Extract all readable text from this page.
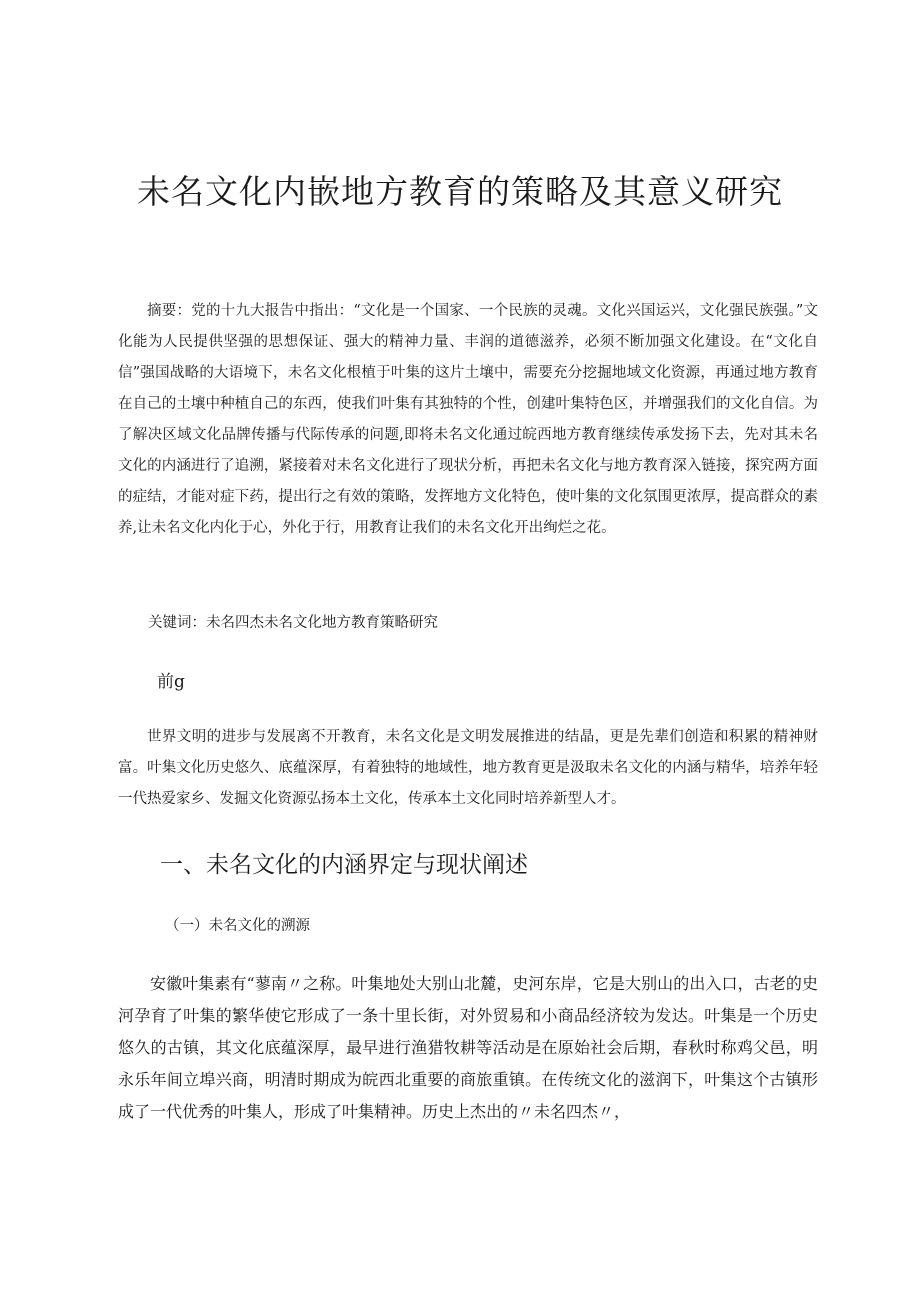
未名文化内嵌地方教育的策略及其意义研究

摘要：党的十九大报告中指出：“文化是一个国家、一个民族的灵魂。文化兴国运兴，文化强民族强。”文化能为人民提供坚强的思想保证、强大的精神力量、丰润的道德滋养，必须不断加强文化建设。在“文化自信”强国战略的大语境下，未名文化根植于叶集的这片土壤中，需要充分挖掘地域文化资源，再通过地方教育在自己的土壤中种植自己的东西，使我们叶集有其独特的个性，创建叶集特色区，并增强我们的文化自信。为了解决区域文化品牌传播与代际传承的问题,即将未名文化通过皖西地方教育继续传承发扬下去，先对其未名文化的内涵进行了追溯，紧接着对未名文化进行了现状分析，再把未名文化与地方教育深入链接，探究两方面的症结，才能对症下药，提出行之有效的策略，发挥地方文化特色，使叶集的文化氛围更浓厚，提高群众的素养,让未名文化内化于心，外化于行，用教育让我们的未名文化开出绚烂之花。

关键词：未名四杰未名文化地方教育策略研究
前g

世界文明的进步与发展离不开教育，未名文化是文明发展推进的结晶，更是先辈们创造和积累的精神财富。叶集文化历史悠久、底蕴深厚，有着独特的地域性，地方教育更是汲取未名文化的内涵与精华，培养年轻一代热爱家乡、发掘文化资源弘扬本土文化，传承本土文化同时培养新型人才。

一、未名文化的内涵界定与现状阐述
（一）未名文化的溯源

安徽叶集素有“蓼南〃之称。叶集地处大别山北麓，史河东岸，它是大别山的出入口，古老的史河孕育了叶集的繁华使它形成了一条十里长街，对外贸易和小商品经济较为发达。叶集是一个历史悠久的古镇，其文化底蕴深厚，最早进行渔猎牧耕等活动是在原始社会后期，春秋时称鸡父邑，明永乐年间立埠兴商，明清时期成为皖西北重要的商旅重镇。在传统文化的滋润下，叶集这个古镇形成了一代优秀的叶集人，形成了叶集精神。历史上杰出的〃未名四杰〃，
